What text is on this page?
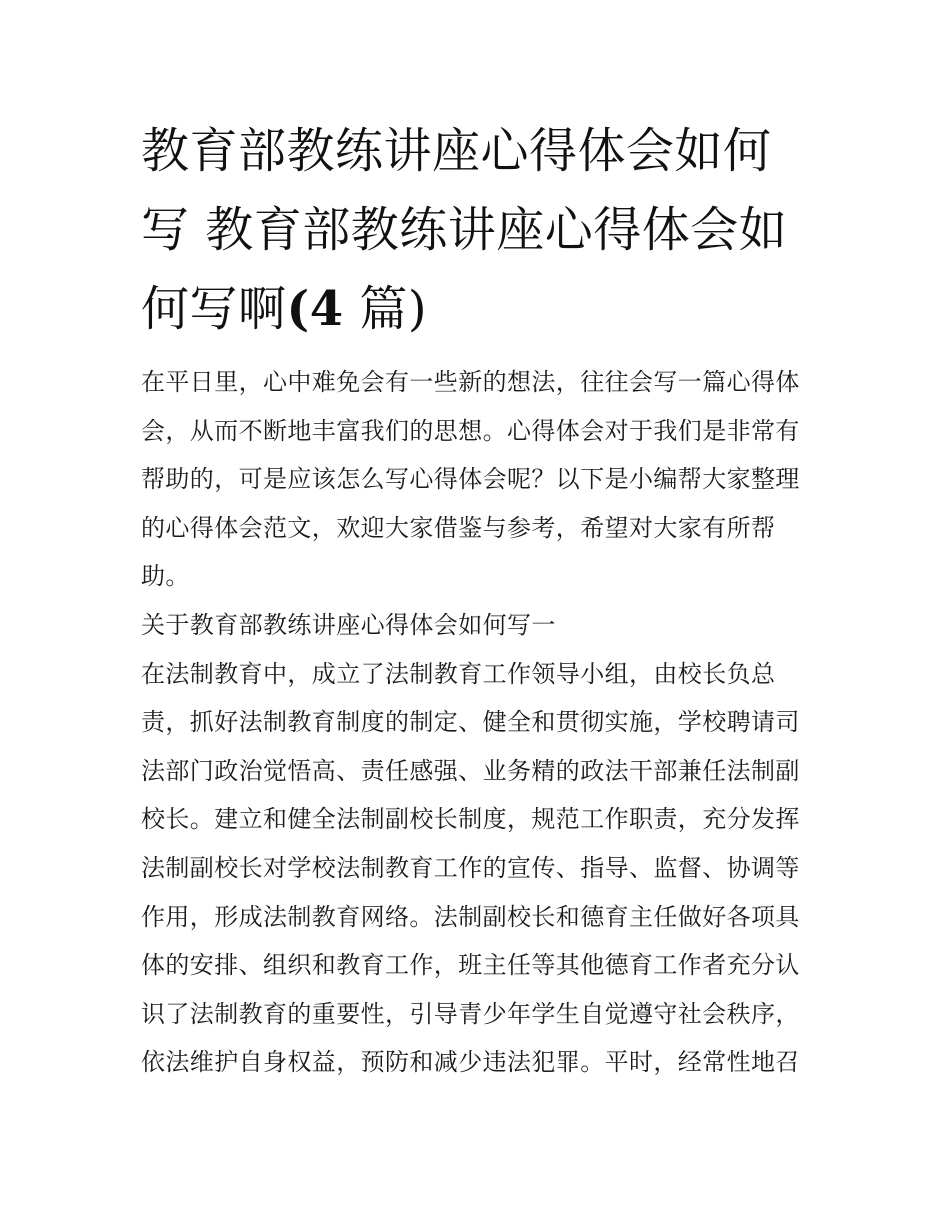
教育部教练讲座心得体会如何写 教育部教练讲座心得体会如何写啊(4 篇)

在平日里，心中难免会有一些新的想法，往往会写一篇心得体会，从而不断地丰富我们的思想。心得体会对于我们是非常有帮助的，可是应该怎么写心得体会呢？以下是小编帮大家整理的心得体会范文，欢迎大家借鉴与参考，希望对大家有所帮助。

关于教育部教练讲座心得体会如何写一

在法制教育中，成立了法制教育工作领导小组，由校长负总责，抓好法制教育制度的制定、健全和贯彻实施，学校聘请司法部门政治觉悟高、责任感强、业务精的政法干部兼任法制副校长。建立和健全法制副校长制度，规范工作职责，充分发挥法制副校长对学校法制教育工作的宣传、指导、监督、协调等作用，形成法制教育网络。法制副校长和德育主任做好各项具体的安排、组织和教育工作，班主任等其他德育工作者充分认识了法制教育的重要性，引导青少年学生自觉遵守社会秩序，依法维护自身权益，预防和减少违法犯罪。平时，经常性地召
